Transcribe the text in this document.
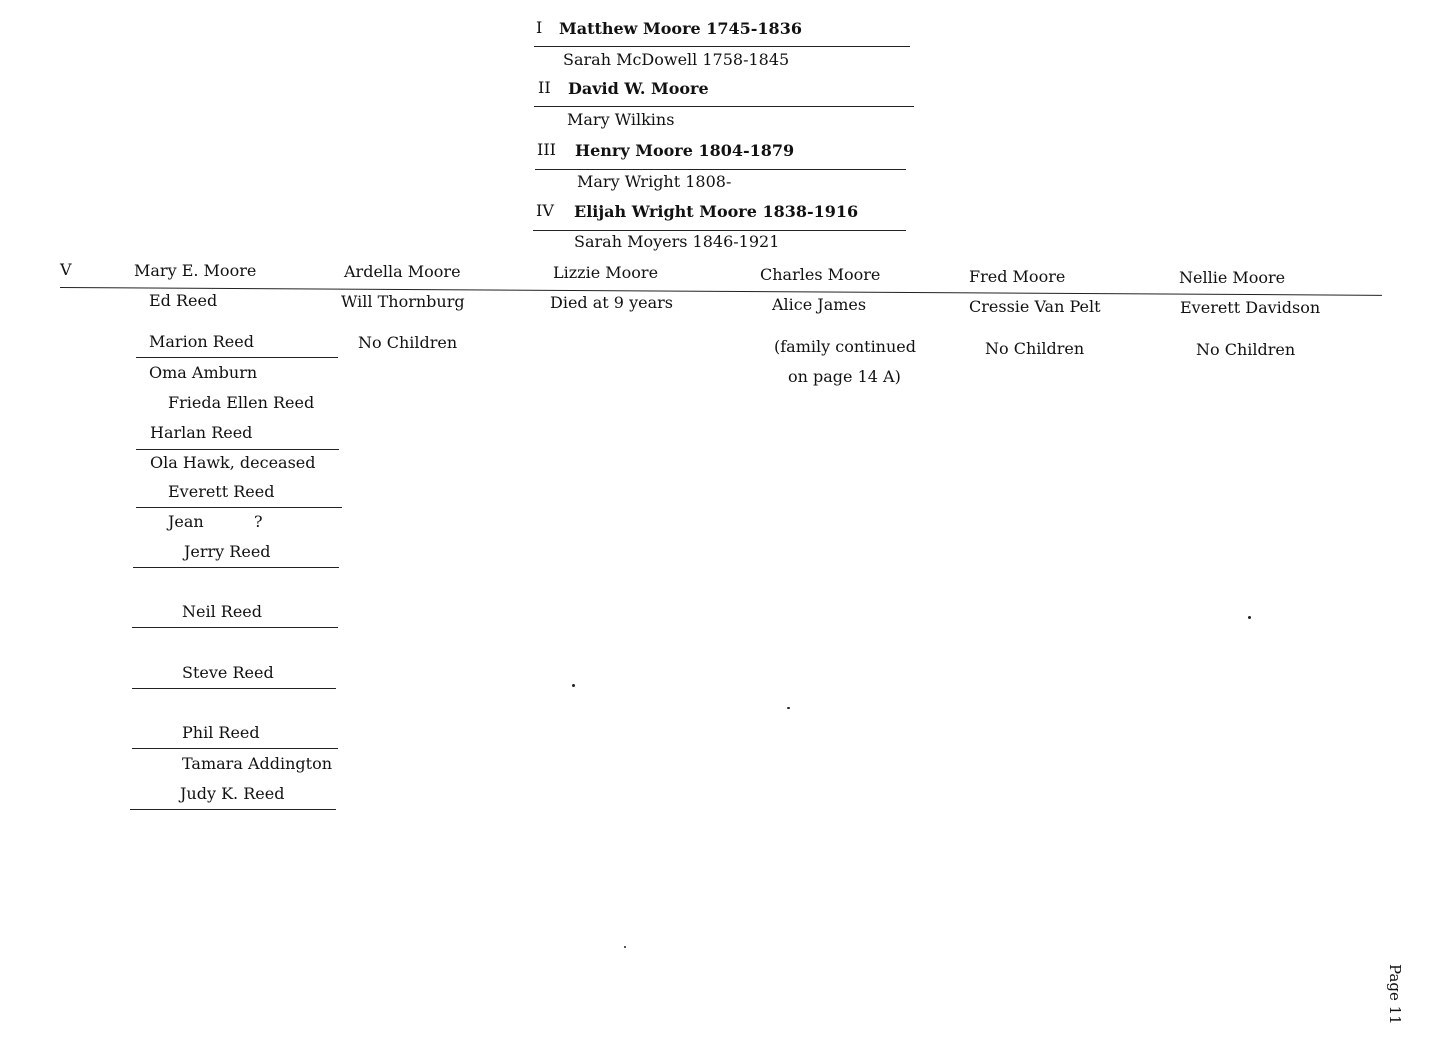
I Matthew Moore 1745-1836
Sarah McDowell 1758-1845
II David W. Moore
Mary Wilkins
III Henry Moore 1804-1879
Mary Wright 1808-
IV Elijah Wright Moore 1838-1916
Sarah Moyers 1846-1921
V	Mary E. Moore
Ed Reed
Ardella Moore
Will Thornburg
No Children
Lizzie Moore
Died at 9 years
Charles Moore
Alice James
(family continued
on page 14 A)
Fred Moore
Cressie Van Pelt
No Children
Nellie Moore
Everett Davidson
No Children
Marion Reed
Oma Amburn
Frieda Ellen Reed
Harlan Reed
Ola Hawk, deceased
Everett Reed
Jean	?
Jerry Reed
Neil Reed
Steve Reed
Phil Reed
Tamara Addington
Judy K. Reed
Page 11
